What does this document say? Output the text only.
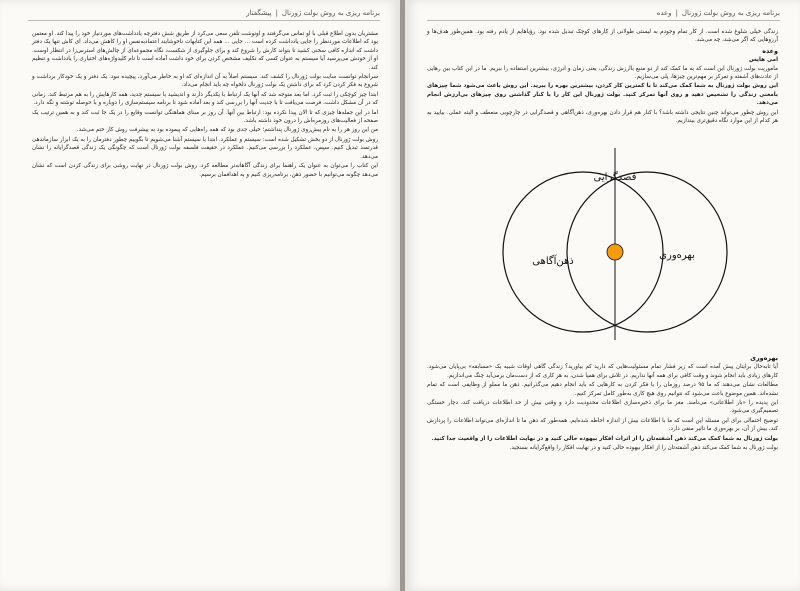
برنامه ریزی به روش بولت ژورنال
|
پیشگفتار

مشتریان بدون اطلاع قبلی با او تماس می‌گرفتند و اونوشت تلفن سعی می‌کرد از طریق شش دفترچه یادداشت‌های موردنیاز خود را پیدا کند. او معتمن بود که اطلاعات موردنظر را جایی یادداشت کرده است ... جایی ... همه این کتابهات ناخوشایند اعتمادبه‌نفس او را کاهش می‌داد. ای کاش تنها یک دفتر داشت که اندازه کافی سخنی کشید تا بتواند کارش را شروع کند و برای جلوگیری از شکست، نگاه مجموعه‌ای از چالش‌های استرس‌زا در انتظار اوست. او از خودش می‌پرسید آیا سیستم به عنوان کسی که تکلیف مشخص کردن برای خود داشت آماده است تا نام کلیدواژه‌های اختیاری را یادداشت و تنظیم کند.

سرانجام توانست سایت بولت ژورنال را کشف کند. سیستم اصلاً به آن اندازه‌ای که او به خاطر می‌آورد، پیچیده نبود. یک دفتر و یک خودکار برداشت و شروع به فکر کردن کرد که برای داشتن یک بولت ژورنال دلخواه چه باید انجام می‌داد.

ابتدا چیز کوچکی را ثبت کرد. اما بعد متوجه شد که آنها یک ارتباط با یکدیگر دارند و اندیشید با سیستم جدید، همه کارهایش را به هم مرتبط کند. زمانی که در آن مشکل داشت، فرصت می‌یافت تا با جدیت آنها را بررسی کند و بعد آماده شود تا برنامه سیستم‌سازی را دوباره و با حوصله نوشته و نگه دارد.

اما در این جمله‌ها چیزی که تا الان پیدا نکرده بود: ارتباط بین آنها. آن روز بر مبنای هماهنگی توانست وقایع را در یک جا ثبت کند و به همین ترتیب یک صفحه از فعالیت‌های روزمره‌اش را درون خود داشته باشد.

من این روز هر را به نام پیش‌روی ژورنال پنداشتم؛ خیلی جدی بود که همه راه‌هایی که پیموده بود به پیشرفت روش کار ختم می‌شد.

روش بولت ژورنال از دو بخش تشکیل شده است: سیستم و عملکرد. ابتدا با سیستم آشنا می‌شویم تا بگوییم چطور دفترمان را به یک ابزار سازماندهی قدرتمند تبدیل کنیم. سپس، عملکرد را بررسی می‌کنیم. عملکرد در حقیقت فلسفه بولت ژورنال است که چگونگی یک زندگی قصدگرایانه را نشان می‌دهد.

این کتاب را می‌توان به عنوان یک راهنما برای زندگی آگاهانه‌تر مطالعه کرد. روش بولت ژورنال در نهایت روشی برای زندگی کردن است که نشان می‌دهد چگونه می‌توانیم با حضور ذهن، برنامه‌ریزی کنیم و به اهدافمان برسیم.

برنامه ریزی به روش بولت ژورنال
|
وعده

زندگی خیلی شلوغ شده است. از کار تمام وجودم به لیستی طولانی از کارهای کوچک تبدیل شده بود. رؤیاهایم از یادم رفته بود. همین‌طور هدف‌ها و آرزوهایی که اگر می‌شد، چه می‌شد.

وعده
امی هایس

ماموریت بولت ژورنال این است که به ما کمک کند از دو منبع باارزش زندگی، یعنی زمان و انرژی، بیشترین استفاده را ببریم. ما در این کتاب بین رهایی از عادت‌های آشفته و تمرکز بر مهم‌ترین چیزها، پلی می‌سازیم.

این روش بولت ژورنال به شما کمک می‌کند تا با کمترین کار کردن، بیشترین بهره را ببرید. این روش باعث می‌شود شما چیزهای بامعنی زندگی را تشخیص دهید و روی آنها تمرکز کنید. بولت ژورنال این کار را با کنار گذاشتن روی چیزهای بی‌ارزش انجام می‌دهد.

این روش چطور می‌تواند چنین نتایجی داشته باشد؟ با کنار هم قرار دادن بهره‌وری، ذهن‌آگاهی و قصدگرایی در چارچوبی منعطف و البته عملی. بیایید به هر کدام از این موارد نگاه دقیق‌تری بیندازیم.

قصدگرایی
ذهن‌آگاهی
بهره‌وری
بهره‌وری

آیا تابه‌حال برایتان پیش آمده است که زیر فشار تمام مسئولیت‌هایی که دارید کم بیاورید؟ زندگی گاهی اوقات شبیه یک «مسابقه» بی‌پایان می‌شود. کارهای زیادی باید انجام شوند و وقت کافی برای همه آنها نداریم. در تلاش برای همپا شدن، به هر کاری که از دست‌مان برمی‌آید چنگ می‌اندازیم.

مطالعات نشان می‌دهند که ما ۹۵ درصد روزمان را با فکر کردن به کارهایی که باید انجام دهیم می‌گذرانیم. ذهن ما مملو از وظایفی است که تمام نشده‌اند. همین موضوع باعث می‌شود که نتوانیم روی هیچ کاری به‌طور کامل تمرکز کنیم.

این پدیده را «بار اطلاعاتی» می‌نامند. مغز ما برای ذخیره‌سازی اطلاعات محدودیت دارد و وقتی بیش از حد اطلاعات دریافت کند، دچار خستگی تصمیم‌گیری می‌شود.

توضیح احتمالی برای این مسئله این است که ما با اطلاعات بیش از اندازه احاطه شده‌ایم. همه‌طور که ذهن ما تا اندازه‌ای می‌تواند اطلاعات را پردازش کند، بیش از آن، بر بهره‌وری ما تاثیر منفی دارد.

بولت ژورنال به شما کمک می‌کند ذهن آشفته‌تان را از اثرات افکار بیهوده خالی کنید و در نهایت اطلاعات را از واقعیت جدا کنید.

بولت ژورنال به شما کمک می‌کند ذهن آشفته‌تان را از افکار بیهوده خالی کنید و در نهایت افکار را واقع‌گرایانه بسنجید.
